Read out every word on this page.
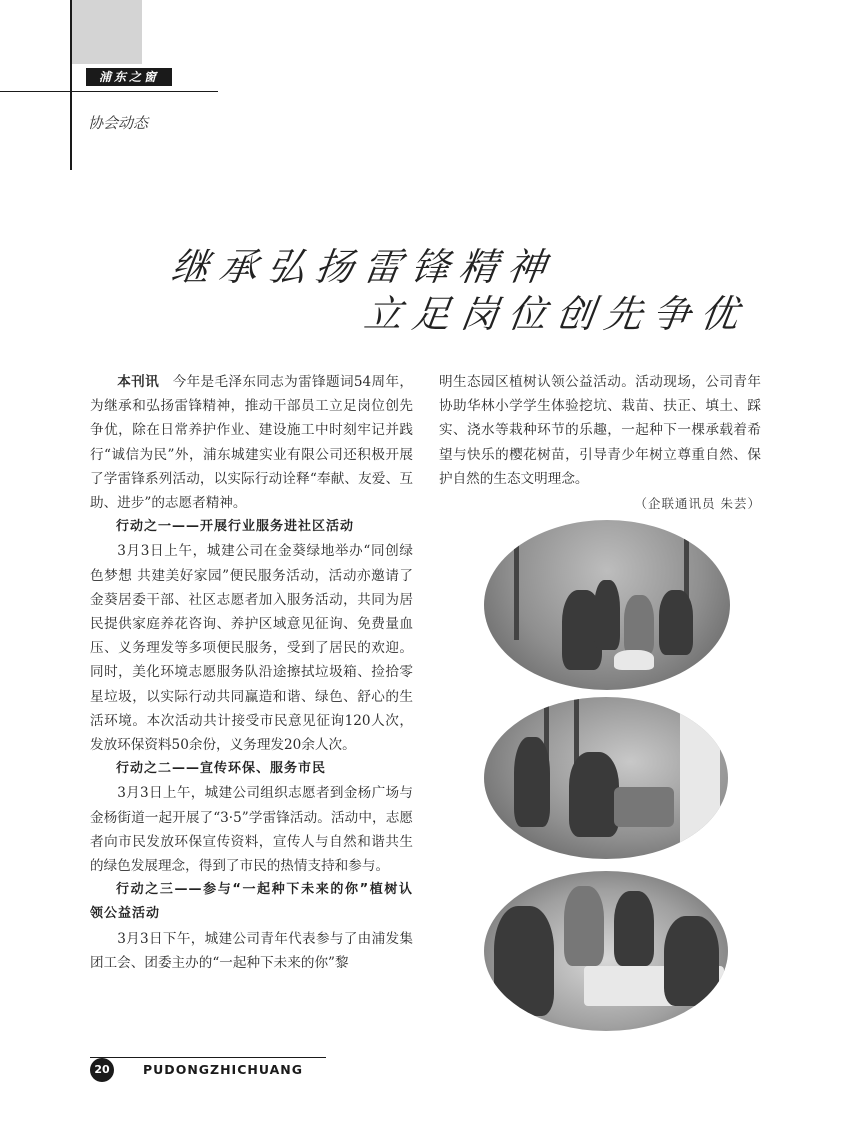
浦东之窗
协会动态
继承弘扬雷锋精神
立足岗位创先争优

本刊讯 今年是毛泽东同志为雷锋题词54周年，为继承和弘扬雷锋精神，推动干部员工立足岗位创先争优，除在日常养护作业、建设施工中时刻牢记并践行“诚信为民”外，浦东城建实业有限公司还积极开展了学雷锋系列活动，以实际行动诠释“奉献、友爱、互助、进步”的志愿者精神。

行动之一——开展行业服务进社区活动

3月3日上午，城建公司在金葵绿地举办“同创绿色梦想 共建美好家园”便民服务活动，活动亦邀请了金葵居委干部、社区志愿者加入服务活动，共同为居民提供家庭养花咨询、养护区域意见征询、免费量血压、义务理发等多项便民服务，受到了居民的欢迎。同时，美化环境志愿服务队沿途擦拭垃圾箱、捡拾零星垃圾，以实际行动共同赢造和谐、绿色、舒心的生活环境。本次活动共计接受市民意见征询120人次，发放环保资料50余份，义务理发20余人次。

行动之二——宣传环保、服务市民

3月3日上午，城建公司组织志愿者到金杨广场与金杨街道一起开展了“3·5”学雷锋活动。活动中，志愿者向市民发放环保宣传资料，宣传人与自然和谐共生的绿色发展理念，得到了市民的热情支持和参与。

行动之三——参与“一起种下未来的你”植树认领公益活动

3月3日下午，城建公司青年代表参与了由浦发集团工会、团委主办的“一起种下未来的你”黎

明生态园区植树认领公益活动。活动现场，公司青年协助华林小学学生体验挖坑、栽苗、扶正、填土、踩实、浇水等栽种环节的乐趣，一起种下一棵承载着希望与快乐的樱花树苗，引导青少年树立尊重自然、保护自然的生态文明理念。

（企联通讯员 朱芸）
20	PUDONGZHICHUANG
